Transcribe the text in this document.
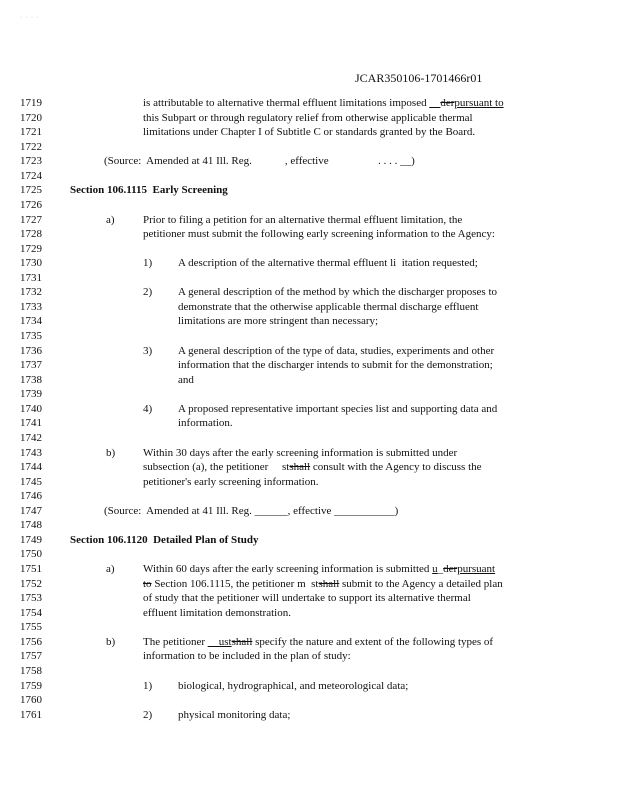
· · · ·
JCAR350106-1701466r01
1719	is attributable to alternative thermal effluent limitations imposed __derpursuant to
1720	this Subpart or through regulatory relief from otherwise applicable thermal
1721	limitations under Chapter I of Subtitle C or standards granted by the Board.
1722
1723	(Source:  Amended at 41 Ill. Reg.            , effective                  . . . . __)
1724
1725	Section 106.1115  Early Screening
1726
1727	a)	Prior to filing a petition for an alternative thermal effluent limitation, the
1728	petitioner must submit the following early screening information to the Agency:
1729
1730	1) A description of the alternative thermal effluent li  itation requested;
1731
1732	2) A general description of the method by which the discharger proposes to
1733	demonstrate that the otherwise applicable thermal discharge effluent
1734	limitations are more stringent than necessary;
1735
1736	3) A general description of the type of data, studies, experiments and other
1737	information that the discharger intends to submit for the demonstration;
1738	and
1739
1740	4) A proposed representative important species list and supporting data and
1741	information.
1742
1743	b)	Within 30 days after the early screening information is submitted under
1744	subsection (a), the petitioner     stshall consult with the Agency to discuss the
1745	petitioner's early screening information.
1746
1747	(Source:  Amended at 41 Ill. Reg. ______, effective ___________)
1748
1749	Section 106.1120  Detailed Plan of Study
1750
1751	a)	Within 60 days after the early screening information is submitted u_derpursuant
1752	to Section 106.1115, the petitioner m  stshall submit to the Agency a detailed plan
1753	of study that the petitioner will undertake to support its alternative thermal
1754	effluent limitation demonstration.
1755
1756	b)	The petitioner __ustshall specify the nature and extent of the following types of
1757	information to be included in the plan of study:
1758
1759	1) biological, hydrographical, and meteorological data;
1760
1761	2) physical monitoring data;
